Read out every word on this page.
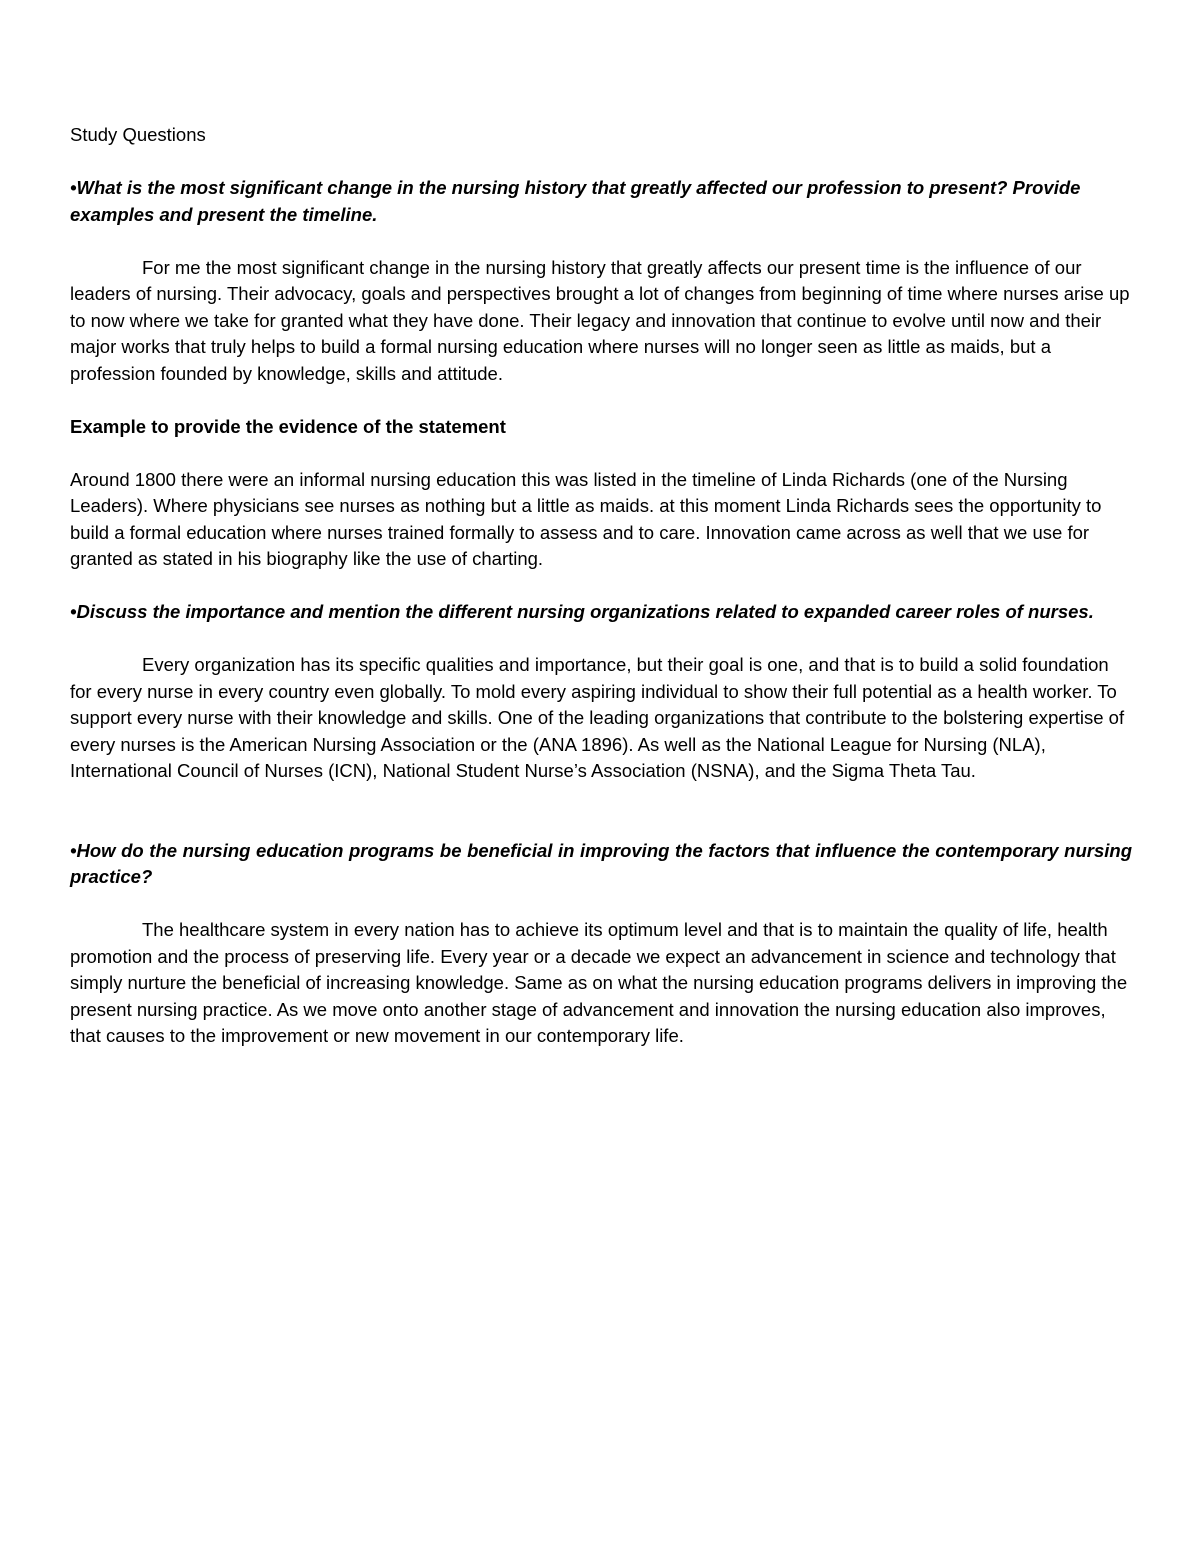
Study Questions

•What is the most significant change in the nursing history that greatly affected our profession to present? Provide examples and present the timeline.

For me the most significant change in the nursing history that greatly affects our present time is the influence of our leaders of nursing. Their advocacy, goals and perspectives brought a lot of changes from beginning of time where nurses arise up to now where we take for granted what they have done. Their legacy and innovation that continue to evolve until now and their major works that truly helps to build a formal nursing education where nurses will no longer seen as little as maids, but a profession founded by knowledge, skills and attitude.

Example to provide the evidence of the statement

Around 1800 there were an informal nursing education this was listed in the timeline of Linda Richards (one of the Nursing Leaders). Where physicians see nurses as nothing but a little as maids. at this moment Linda Richards sees the opportunity to build a formal education where nurses trained formally to assess and to care. Innovation came across as well that we use for granted as stated in his biography like the use of charting.

•Discuss the importance and mention the different nursing organizations related to expanded career roles of nurses.

Every organization has its specific qualities and importance, but their goal is one, and that is to build a solid foundation for every nurse in every country even globally. To mold every aspiring individual to show their full potential as a health worker. To support every nurse with their knowledge and skills. One of the leading organizations that contribute to the bolstering expertise of every nurses is the American Nursing Association or the (ANA 1896). As well as the National League for Nursing (NLA), International Council of Nurses (ICN), National Student Nurse’s Association (NSNA), and the Sigma Theta Tau.

•How do the nursing education programs be beneficial in improving the factors that influence the contemporary nursing practice?

The healthcare system in every nation has to achieve its optimum level and that is to maintain the quality of life, health promotion and the process of preserving life. Every year or a decade we expect an advancement in science and technology that simply nurture the beneficial of increasing knowledge. Same as on what the nursing education programs delivers in improving the present nursing practice. As we move onto another stage of advancement and innovation the nursing education also improves, that causes to the improvement or new movement in our contemporary life.
